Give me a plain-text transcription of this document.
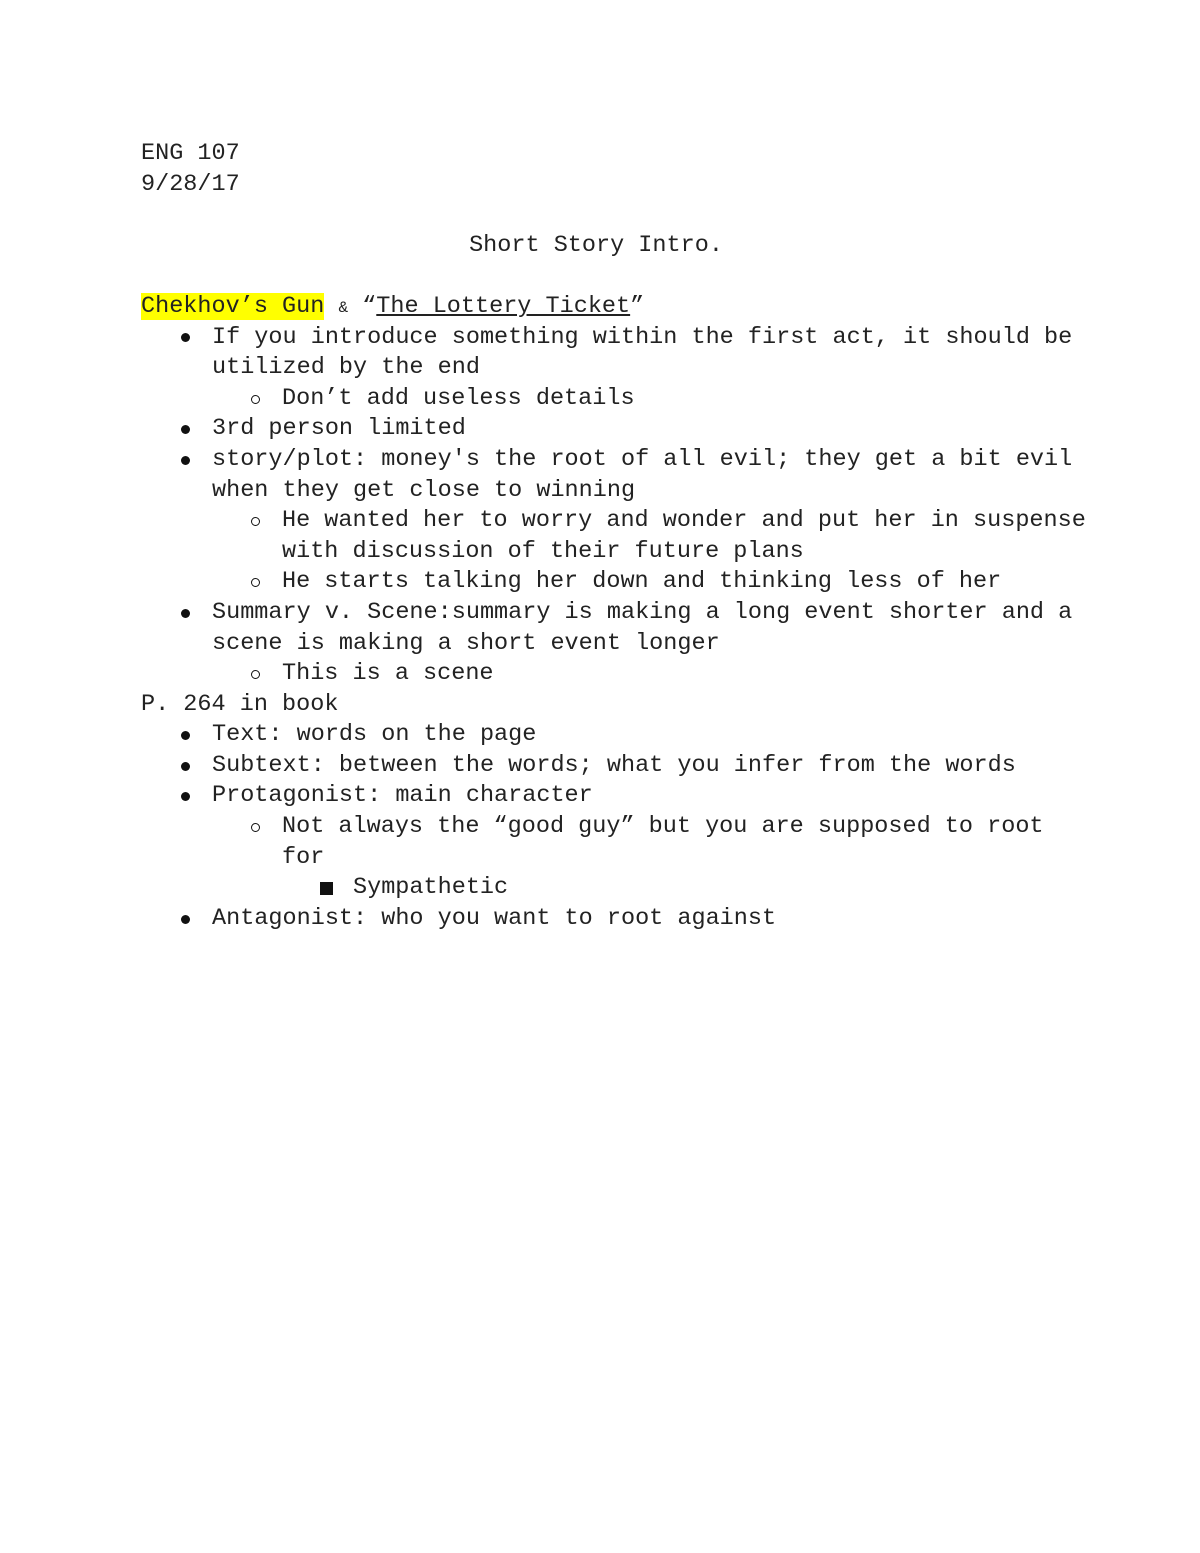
ENG 107
9/28/17
Short Story Intro.
Chekhov’s Gun & “The Lottery Ticket”
If you introduce something within the first act, it should be utilized by the end
Don’t add useless details
3rd person limited
story/plot: money's the root of all evil; they get a bit evil when they get close to winning
He wanted her to worry and wonder and put her in suspense with discussion of their future plans
He starts talking her down and thinking less of her
Summary v. Scene:summary is making a long event shorter and a scene is making a short event longer
This is a scene
P. 264 in book
Text: words on the page
Subtext: between the words; what you infer from the words
Protagonist: main character
Not always the “good guy” but you are supposed to root for
Sympathetic
Antagonist: who you want to root against
